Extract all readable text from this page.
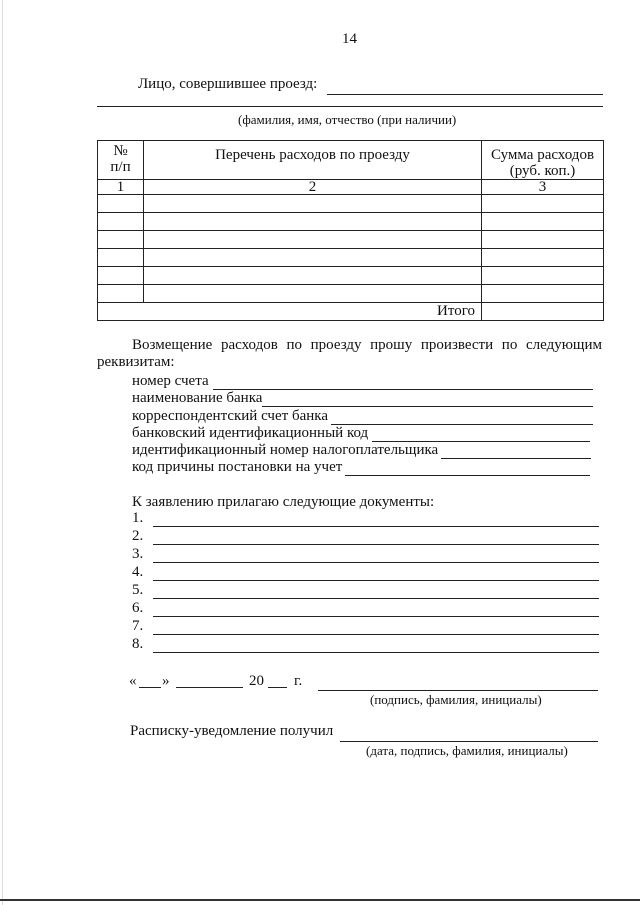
14
Лицо, совершившее проезд:
(фамилия, имя, отчество (при наличии)
№ п/п	Перечень расходов по проезду	Сумма расходов (руб. коп.)

1	2	3

Итого		
Возмещение расходов по проезду прошу произвести по следующим
реквизитам:
номер счета
наименование банка
корреспондентский счет банка
банковский идентификационный код
идентификационный номер налогоплательщика
код причины постановки на учет
К заявлению прилагаю следующие документы:
1.
2.
3.
4.
5.
6.
7.
8.
« »	20 г.
(подпись, фамилия, инициалы)
Расписку-уведомление получил
(дата, подпись, фамилия, инициалы)
